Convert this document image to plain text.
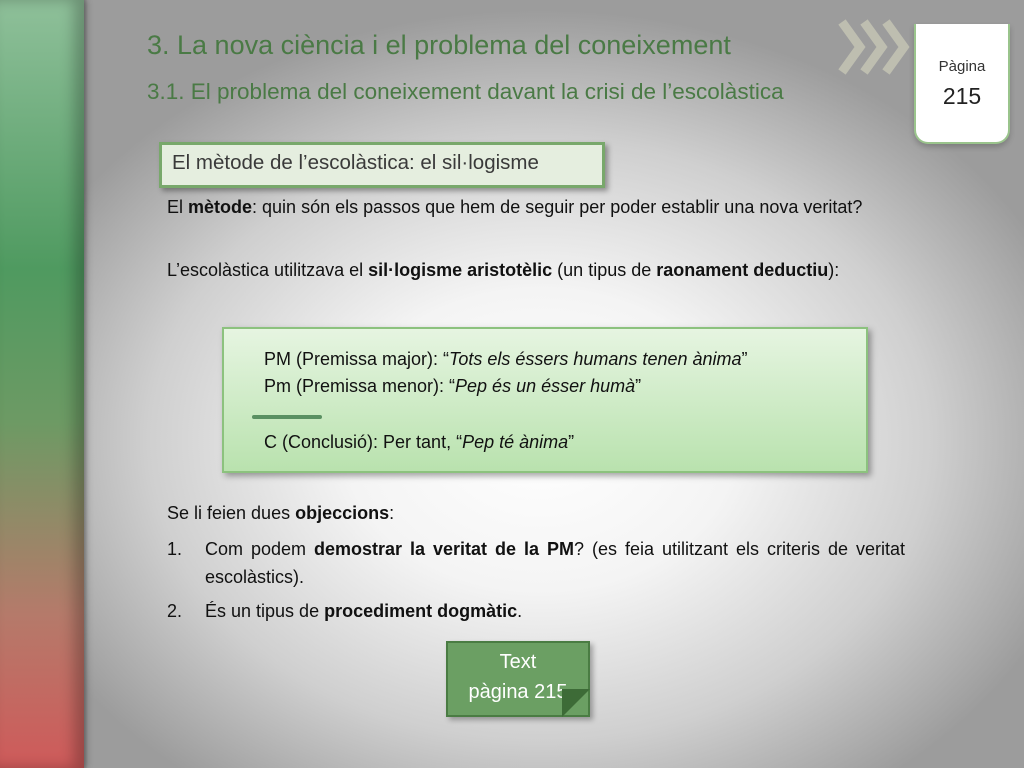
3. La nova ciència i el problema del coneixement
3.1. El problema del coneixement davant la crisi de l’escolàstica
Pàgina
215
El mètode de l’escolàstica: el sil·logisme

El mètode: quin són els passos que hem de seguir per poder establir una nova veritat?

L’escolàstica utilitzava el sil·logisme aristotèlic (un tipus de raonament deductiu):

PM (Premissa major): “Tots els éssers humans tenen ànima”
Pm (Premissa menor): “Pep és un ésser humà”
C (Conclusió): Per tant, “Pep té ànima”

Se li feien dues objeccions:

1. Com podem demostrar la veritat de la PM? (es feia utilitzant els criteris de veritat escolàstics).
2. És un tipus de procediment dogmàtic.
Text
pàgina 215
